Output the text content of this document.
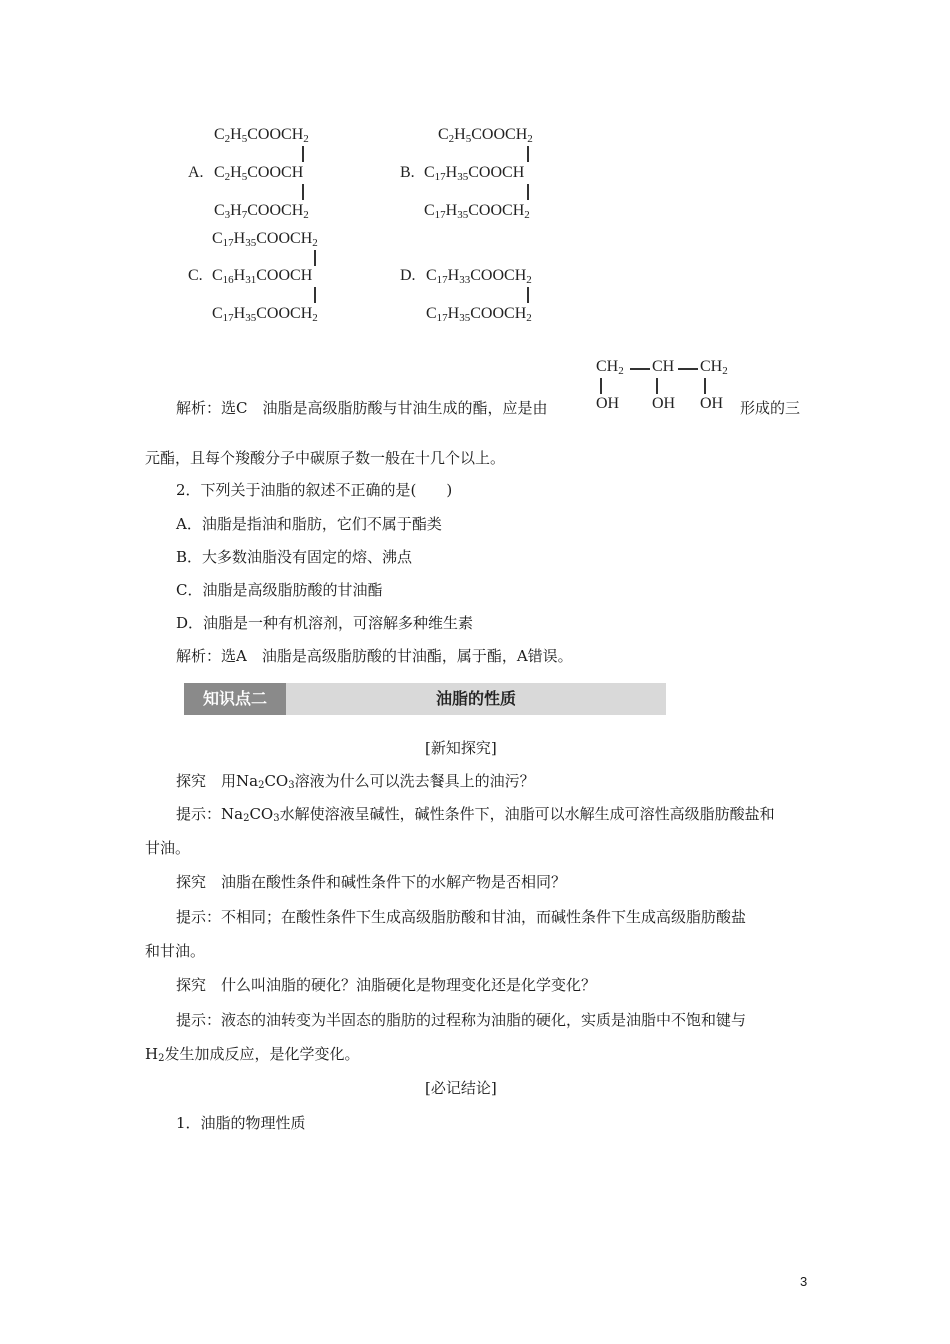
$C_2H_5COOCH_2$
A. $C_2H_5COOCH$
$C_3H_7COOCH_2$
$C_2H_5COOCH_2$
B. $C_{17}H_{35}COOCH$
$C_{17}H_{35}COOCH_2$
$C_{17}H_{35}COOCH_2$
C. $C_{16}H_{31}COOCH$
$C_{17}H_{35}COOCH_2$
D. $C_{17}H_{33}COOCH_2$
$C_{17}H_{35}COOCH_2$
$CH_2$ CH $CH_2$
OH OH OH
解析：选C　油脂是高级脂肪酸与甘油生成的酯，应是由	形成的三
元酯，且每个羧酸分子中碳原子数一般在十几个以上。
2．下列关于油脂的叙述不正确的是(　　)
A．油脂是指油和脂肪，它们不属于酯类
B．大多数油脂没有固定的熔、沸点
C．油脂是高级脂肪酸的甘油酯
D．油脂是一种有机溶剂，可溶解多种维生素
解析：选A　油脂是高级脂肪酸的甘油酯，属于酯，A错误。
知识点二	油脂的性质
[新知探究]
探究　用$Na_2CO_3$溶液为什么可以洗去餐具上的油污？
提示：$Na_2CO_3$水解使溶液呈碱性，碱性条件下，油脂可以水解生成可溶性高级脂肪酸盐和
甘油。
探究　油脂在酸性条件和碱性条件下的水解产物是否相同？
提示：不相同；在酸性条件下生成高级脂肪酸和甘油，而碱性条件下生成高级脂肪酸盐
和甘油。
探究　什么叫油脂的硬化？油脂硬化是物理变化还是化学变化？
提示：液态的油转变为半固态的脂肪的过程称为油脂的硬化，实质是油脂中不饱和键与
$H_2$发生加成反应，是化学变化。
[必记结论]
1．油脂的物理性质
3
